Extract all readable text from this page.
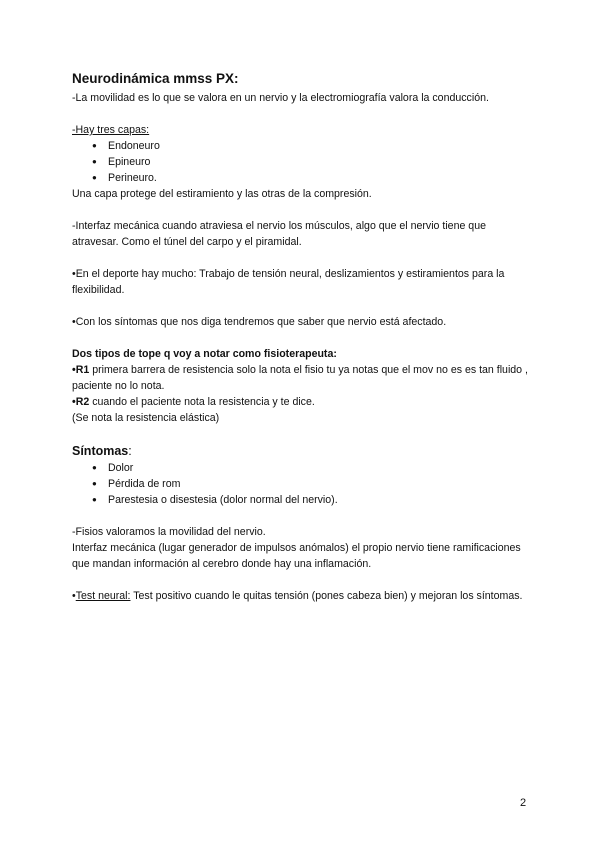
Neurodinámica mmss PX:

-La movilidad es lo que se valora en un nervio y la electromiografía valora la conducción.

-Hay tres capas:

● Endoneuro
● Epineuro
● Perineuro.

Una capa protege del estiramiento y las otras de la compresión.

-Interfaz mecánica cuando atraviesa el nervio los músculos, algo que el nervio tiene que atravesar. Como el túnel del carpo y el piramidal.

•En el deporte hay mucho: Trabajo de tensión neural, deslizamientos y estiramientos para la flexibilidad.

•Con los síntomas que nos diga tendremos que saber que nervio está afectado.

Dos tipos de tope q voy a notar como fisioterapeuta:

•R1 primera barrera de resistencia solo la nota el fisio tu ya notas que el mov no es es tan fluido , paciente no lo nota.

•R2 cuando el paciente nota la resistencia y te dice.

(Se nota la resistencia elástica)

Síntomas:

● Dolor
● Pérdida de rom
● Parestesia o disestesia (dolor normal del nervio).

-Fisios valoramos la movilidad del nervio.

Interfaz mecánica (lugar generador de impulsos anómalos) el propio nervio tiene ramificaciones que mandan información al cerebro donde hay una inflamación.

•Test neural: Test positivo cuando le quitas tensión (pones cabeza bien) y mejoran los síntomas.

2
